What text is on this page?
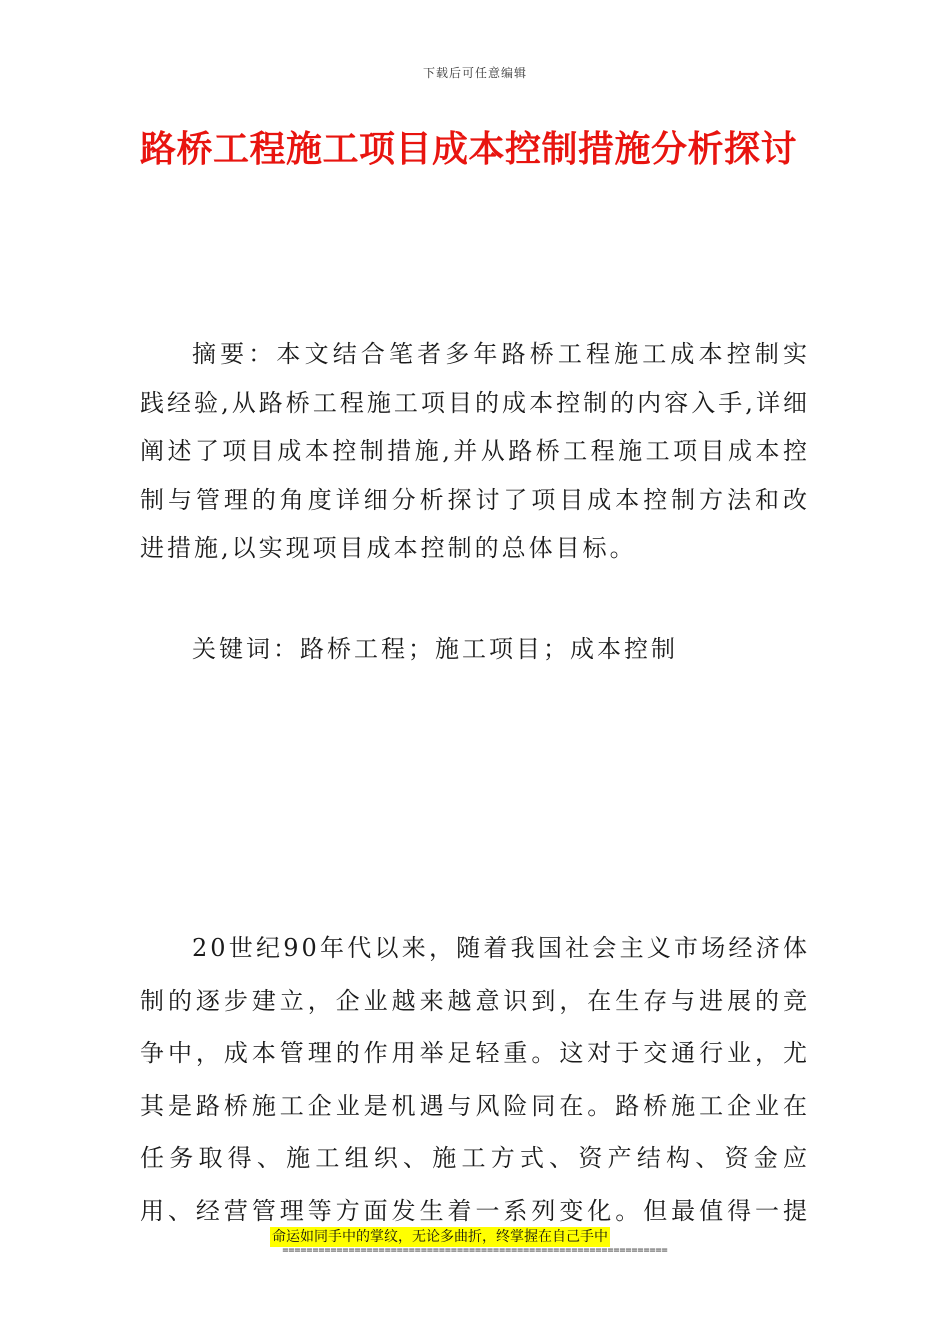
下载后可任意编辑
路桥工程施工项目成本控制措施分析探讨

摘要：本文结合笔者多年路桥工程施工成本控制实践经验,从路桥工程施工项目的成本控制的内容入手,详细阐述了项目成本控制措施,并从路桥工程施工项目成本控制与管理的角度详细分析探讨了项目成本控制方法和改进措施,以实现项目成本控制的总体目标。

关键词：路桥工程；施工项目；成本控制

20世纪90年代以来，随着我国社会主义市场经济体制的逐步建立，企业越来越意识到，在生存与进展的竞争中，成本管理的作用举足轻重。这对于交通行业，尤其是路桥施工企业是机遇与风险同在。路桥施工企业在任务取得、施工组织、施工方式、资产结构、资金应用、经营管理等方面发生着一系列变化。但最值得一提

命运如同手中的掌纹，无论多曲折，终掌握在自己手中
================================================================
